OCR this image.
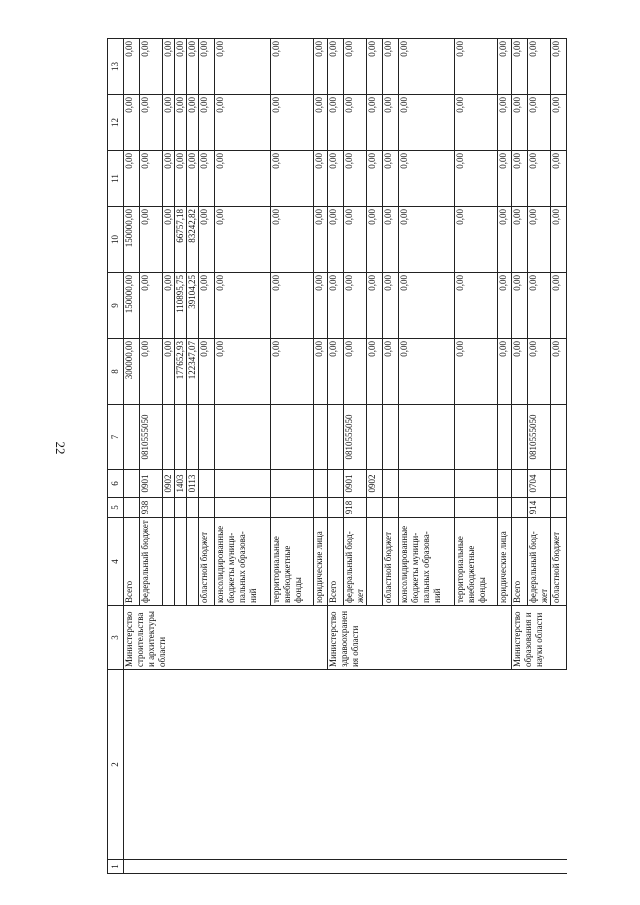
22
1	2	3	4	5	6	7	8	9	10	11	12	13
		Министерство строительства и архитектуры области	Всего				300000,00	150000,00	150000,00	0,00	0,00	0,00
			федеральный бюджет	938	0901	0810555050	0,00	0,00	0,00	0,00	0,00	0,00
					0902		0,00	0,00	0,00	0,00	0,00	0,00
					1403		177652,93	110895,75	66757,18	0,00	0,00	0,00
					0113		122347,07	39104,25	83242,82	0,00	0,00	0,00
			областной бюджет				0,00	0,00	0,00	0,00	0,00	0,00
			консолидированные бюджеты муници-пальных образова-ний				0,00	0,00	0,00	0,00	0,00	0,00
			территориальные внебюджетные фонды				0,00	0,00	0,00	0,00	0,00	0,00
			юридические лица				0,00	0,00	0,00	0,00	0,00	0,00
		Министерство здравоохранения области	Всего				0,00	0,00	0,00	0,00	0,00	0,00
			федеральный бюд-жет	918	0901	0810555050	0,00	0,00	0,00	0,00	0,00	0,00
					0902		0,00	0,00	0,00	0,00	0,00	0,00
			областной бюджет				0,00	0,00	0,00	0,00	0,00	0,00
			консолидированные бюджеты муници-пальных образова-ний				0,00	0,00	0,00	0,00	0,00	0,00
			территориальные внебюджетные фонды				0,00	0,00	0,00	0,00	0,00	0,00
			юридические лица				0,00	0,00	0,00	0,00	0,00	0,00
		Министерство образования и науки области	Всего				0,00	0,00	0,00	0,00	0,00	0,00
			федеральный бюд-жет	914	0704	0810555050	0,00	0,00	0,00	0,00	0,00	0,00
			областной бюджет				0,00	0,00	0,00	0,00	0,00	0,00
